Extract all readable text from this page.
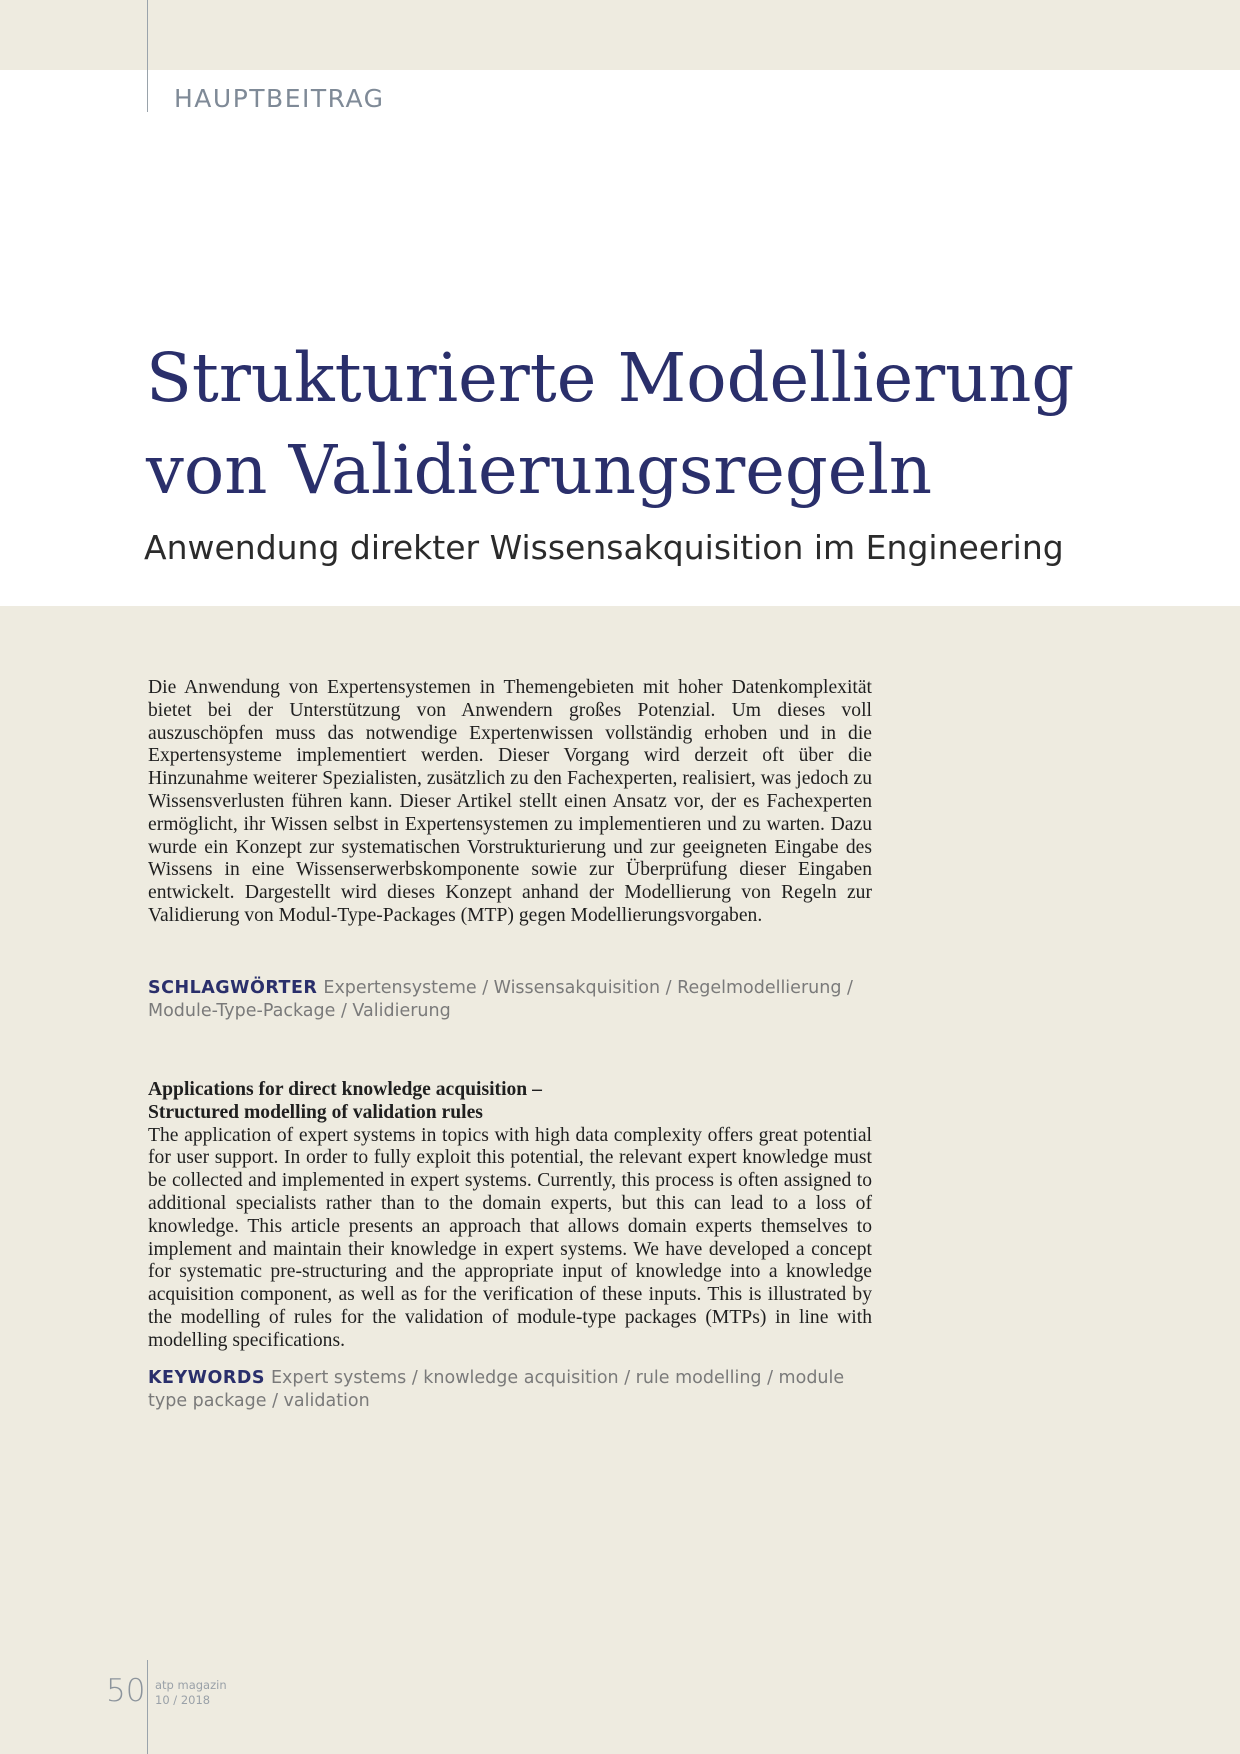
HAUPTBEITRAG
Strukturierte Modellierung
von Validierungsregeln
Anwendung direkter Wissensakquisition im Engineering

Die Anwendung von Expertensystemen in Themengebieten mit hoher Datenkomplexität bietet bei der Unterstützung von Anwendern großes Potenzial. Um dieses voll auszuschöpfen muss das notwendige Expertenwissen vollständig erhoben und in die Expertensysteme implementiert werden. Dieser Vorgang wird derzeit oft über die Hinzunahme weiterer Spezialisten, zusätzlich zu den Fachexperten, realisiert, was jedoch zu Wissensverlusten führen kann. Dieser Artikel stellt einen Ansatz vor, der es Fachexperten ermöglicht, ihr Wissen selbst in Expertensystemen zu implementieren und zu warten. Dazu wurde ein Konzept zur systematischen Vorstrukturierung und zur geeigneten Eingabe des Wissens in eine Wissenserwerbskomponente sowie zur Überprüfung dieser Eingaben entwickelt. Dargestellt wird dieses Konzept anhand der Modellierung von Regeln zur Validierung von Modul-Type-Packages (MTP) gegen Modellierungsvorgaben.

SCHLAGWÖRTER Expertensysteme / Wissensakquisition / Regelmodellierung / Module-Type-Package / Validierung

Applications for direct knowledge acquisition –
Structured modelling of validation rules
The application of expert systems in topics with high data complexity offers great potential for user support. In order to fully exploit this potential, the relevant expert knowledge must be collected and implemented in expert systems. Currently, this process is often assigned to additional specialists rather than to the domain experts, but this can lead to a loss of knowledge. This article presents an approach that allows domain experts themselves to implement and maintain their knowledge in expert systems. We have developed a concept for systematic pre-structuring and the appropriate input of knowledge into a knowledge acquisition component, as well as for the verification of these inputs. This is illustrated by the modelling of rules for the validation of module-type packages (MTPs) in line with modelling specifications.

KEYWORDS Expert systems / knowledge acquisition / rule modelling / module type package / validation

50 atp magazin
10 / 2018
